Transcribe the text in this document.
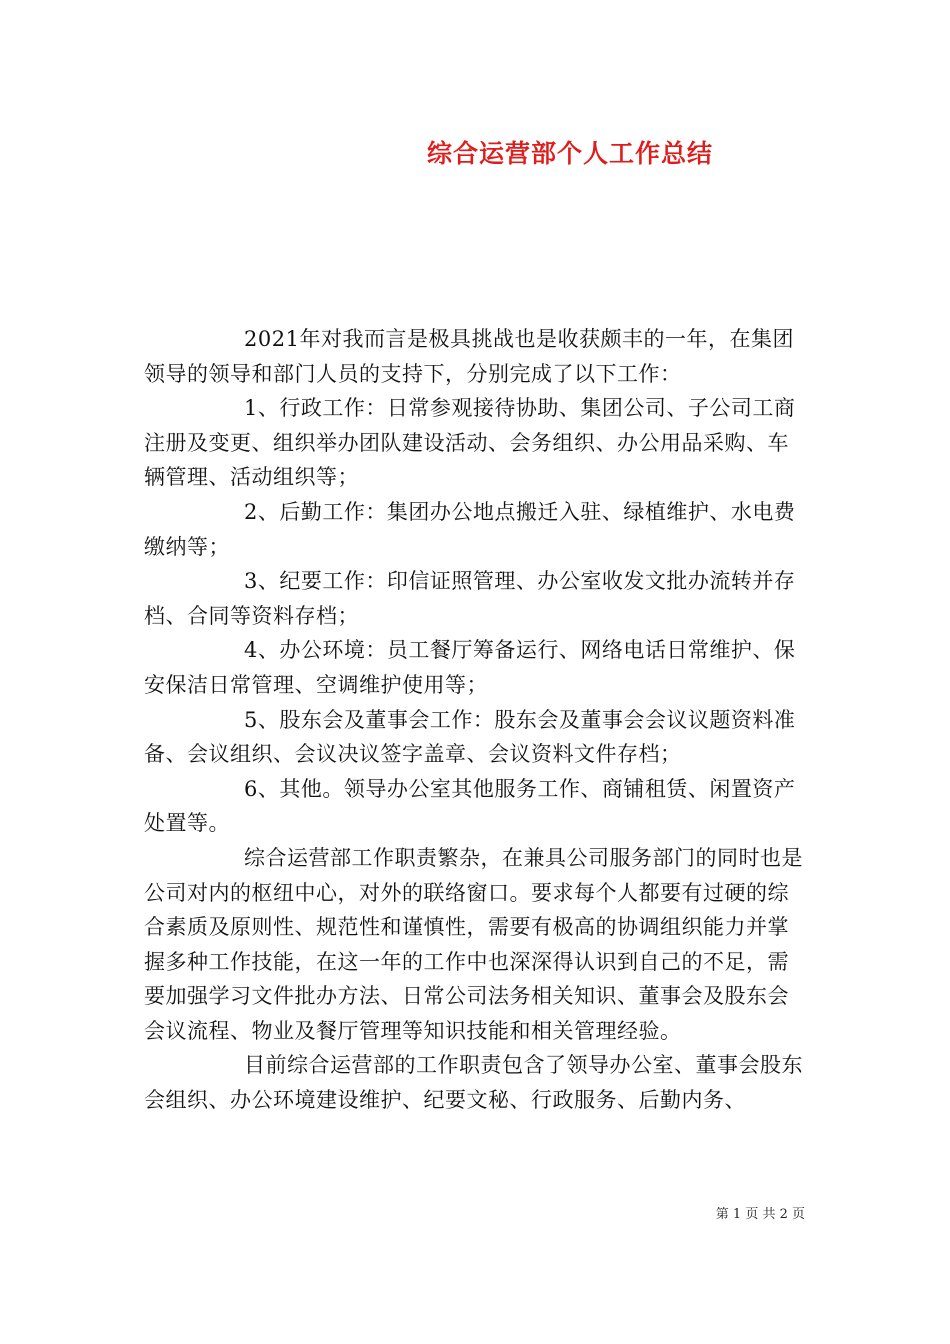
综合运营部个人工作总结

2021年对我而言是极具挑战也是收获颇丰的一年，在集团领导的领导和部门人员的支持下，分别完成了以下工作：

1、行政工作：日常参观接待协助、集团公司、子公司工商注册及变更、组织举办团队建设活动、会务组织、办公用品采购、车辆管理、活动组织等；

2、后勤工作：集团办公地点搬迁入驻、绿植维护、水电费缴纳等；

3、纪要工作：印信证照管理、办公室收发文批办流转并存档、合同等资料存档；

4、办公环境：员工餐厅筹备运行、网络电话日常维护、保安保洁日常管理、空调维护使用等；

5、股东会及董事会工作：股东会及董事会会议议题资料准备、会议组织、会议决议签字盖章、会议资料文件存档；

6、其他。领导办公室其他服务工作、商铺租赁、闲置资产处置等。

综合运营部工作职责繁杂，在兼具公司服务部门的同时也是公司对内的枢纽中心，对外的联络窗口。要求每个人都要有过硬的综合素质及原则性、规范性和谨慎性，需要有极高的协调组织能力并掌握多种工作技能，在这一年的工作中也深深得认识到自己的不足，需要加强学习文件批办方法、日常公司法务相关知识、董事会及股东会会议流程、物业及餐厅管理等知识技能和相关管理经验。

目前综合运营部的工作职责包含了领导办公室、董事会股东会组织、办公环境建设维护、纪要文秘、行政服务、后勤内务、

第 1 页 共 2 页
